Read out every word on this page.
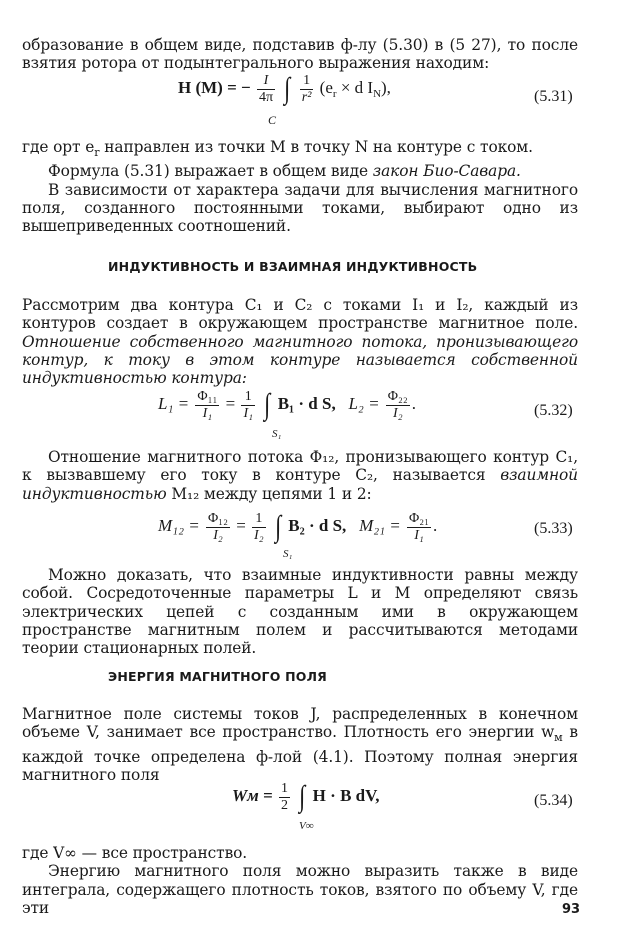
образование в общем виде, подставив ф-лу (5.30) в (5 27), то после взятия ротора от подынтегрального выражения находим:

H (M) = − $\frac{I}{4\pi}$ ∫ $\frac{1}{\text{r²}} (e_r \times d$ $I_N$),
C
(5.31)

где орт $e_r$ направлен из точки M в точку N на контуре с током.

Формула (5.31) выражает в общем виде закон Био-Савара.

В зависимости от характера задачи для вычисления магнитного поля, созданного постоянными токами, выбирают одно из вышеприведенных соотношений.

ИНДУКТИВНОСТЬ И ВЗАИМНАЯ ИНДУКТИВНОСТЬ

Рассмотрим два контура C₁ и C₂ с токами I₁ и I₂, каждый из контуров создает в окружающем пространстве магнитное поле. Отношение собственного магнитного потока, пронизывающего контур, к току в этом контуре называется собственной индуктивностью контура:

$L_1 = \frac{\text{Φ₁₁}}{\text{I₁}} = \frac{1}{\text{I₁}}$ ∫ B₁ · d S, $L_2 = \frac{\text{Φ₂₂}}{\text{I₂}}$ .
S₁
(5.32)

Отношение магнитного потока Φ₁₂, пронизывающего контур C₁, к вызвавшему его току в контуре C₂, называется взаимной индуктивностью M₁₂ между цепями 1 и 2:

$M_{12} = \frac{\text{Φ₁₂}}{\text{I₂}} = \frac{1}{\text{I₂}}$ ∫ B₂ · d S, $M_{21} = \frac{\text{Φ₂₁}}{\text{I₁}}$ .
S₁
(5.33)

Можно доказать, что взаимные индуктивности равны между собой. Сосредоточенные параметры L и M определяют связь электрических цепей с созданным ими в окружающем пространстве магнитным полем и рассчитываются методами теории стационарных полей.

ЭНЕРГИЯ МАГНИТНОГО ПОЛЯ

Магнитное поле системы токов J, распределенных в конечном объеме V, занимает все пространство. Плотность его энергии $w_м$ в каждой точке определена ф-лой (4.1). Поэтому полная энергия магнитного поля

Wм = $\frac{1}{2}$ ∫ H · B dV,
V∞
(5.34)

где V∞ — все пространство.

Энергию магнитного поля можно выразить также в виде интеграла, содержащего плотность токов, взятого по объему V, где эти	93
